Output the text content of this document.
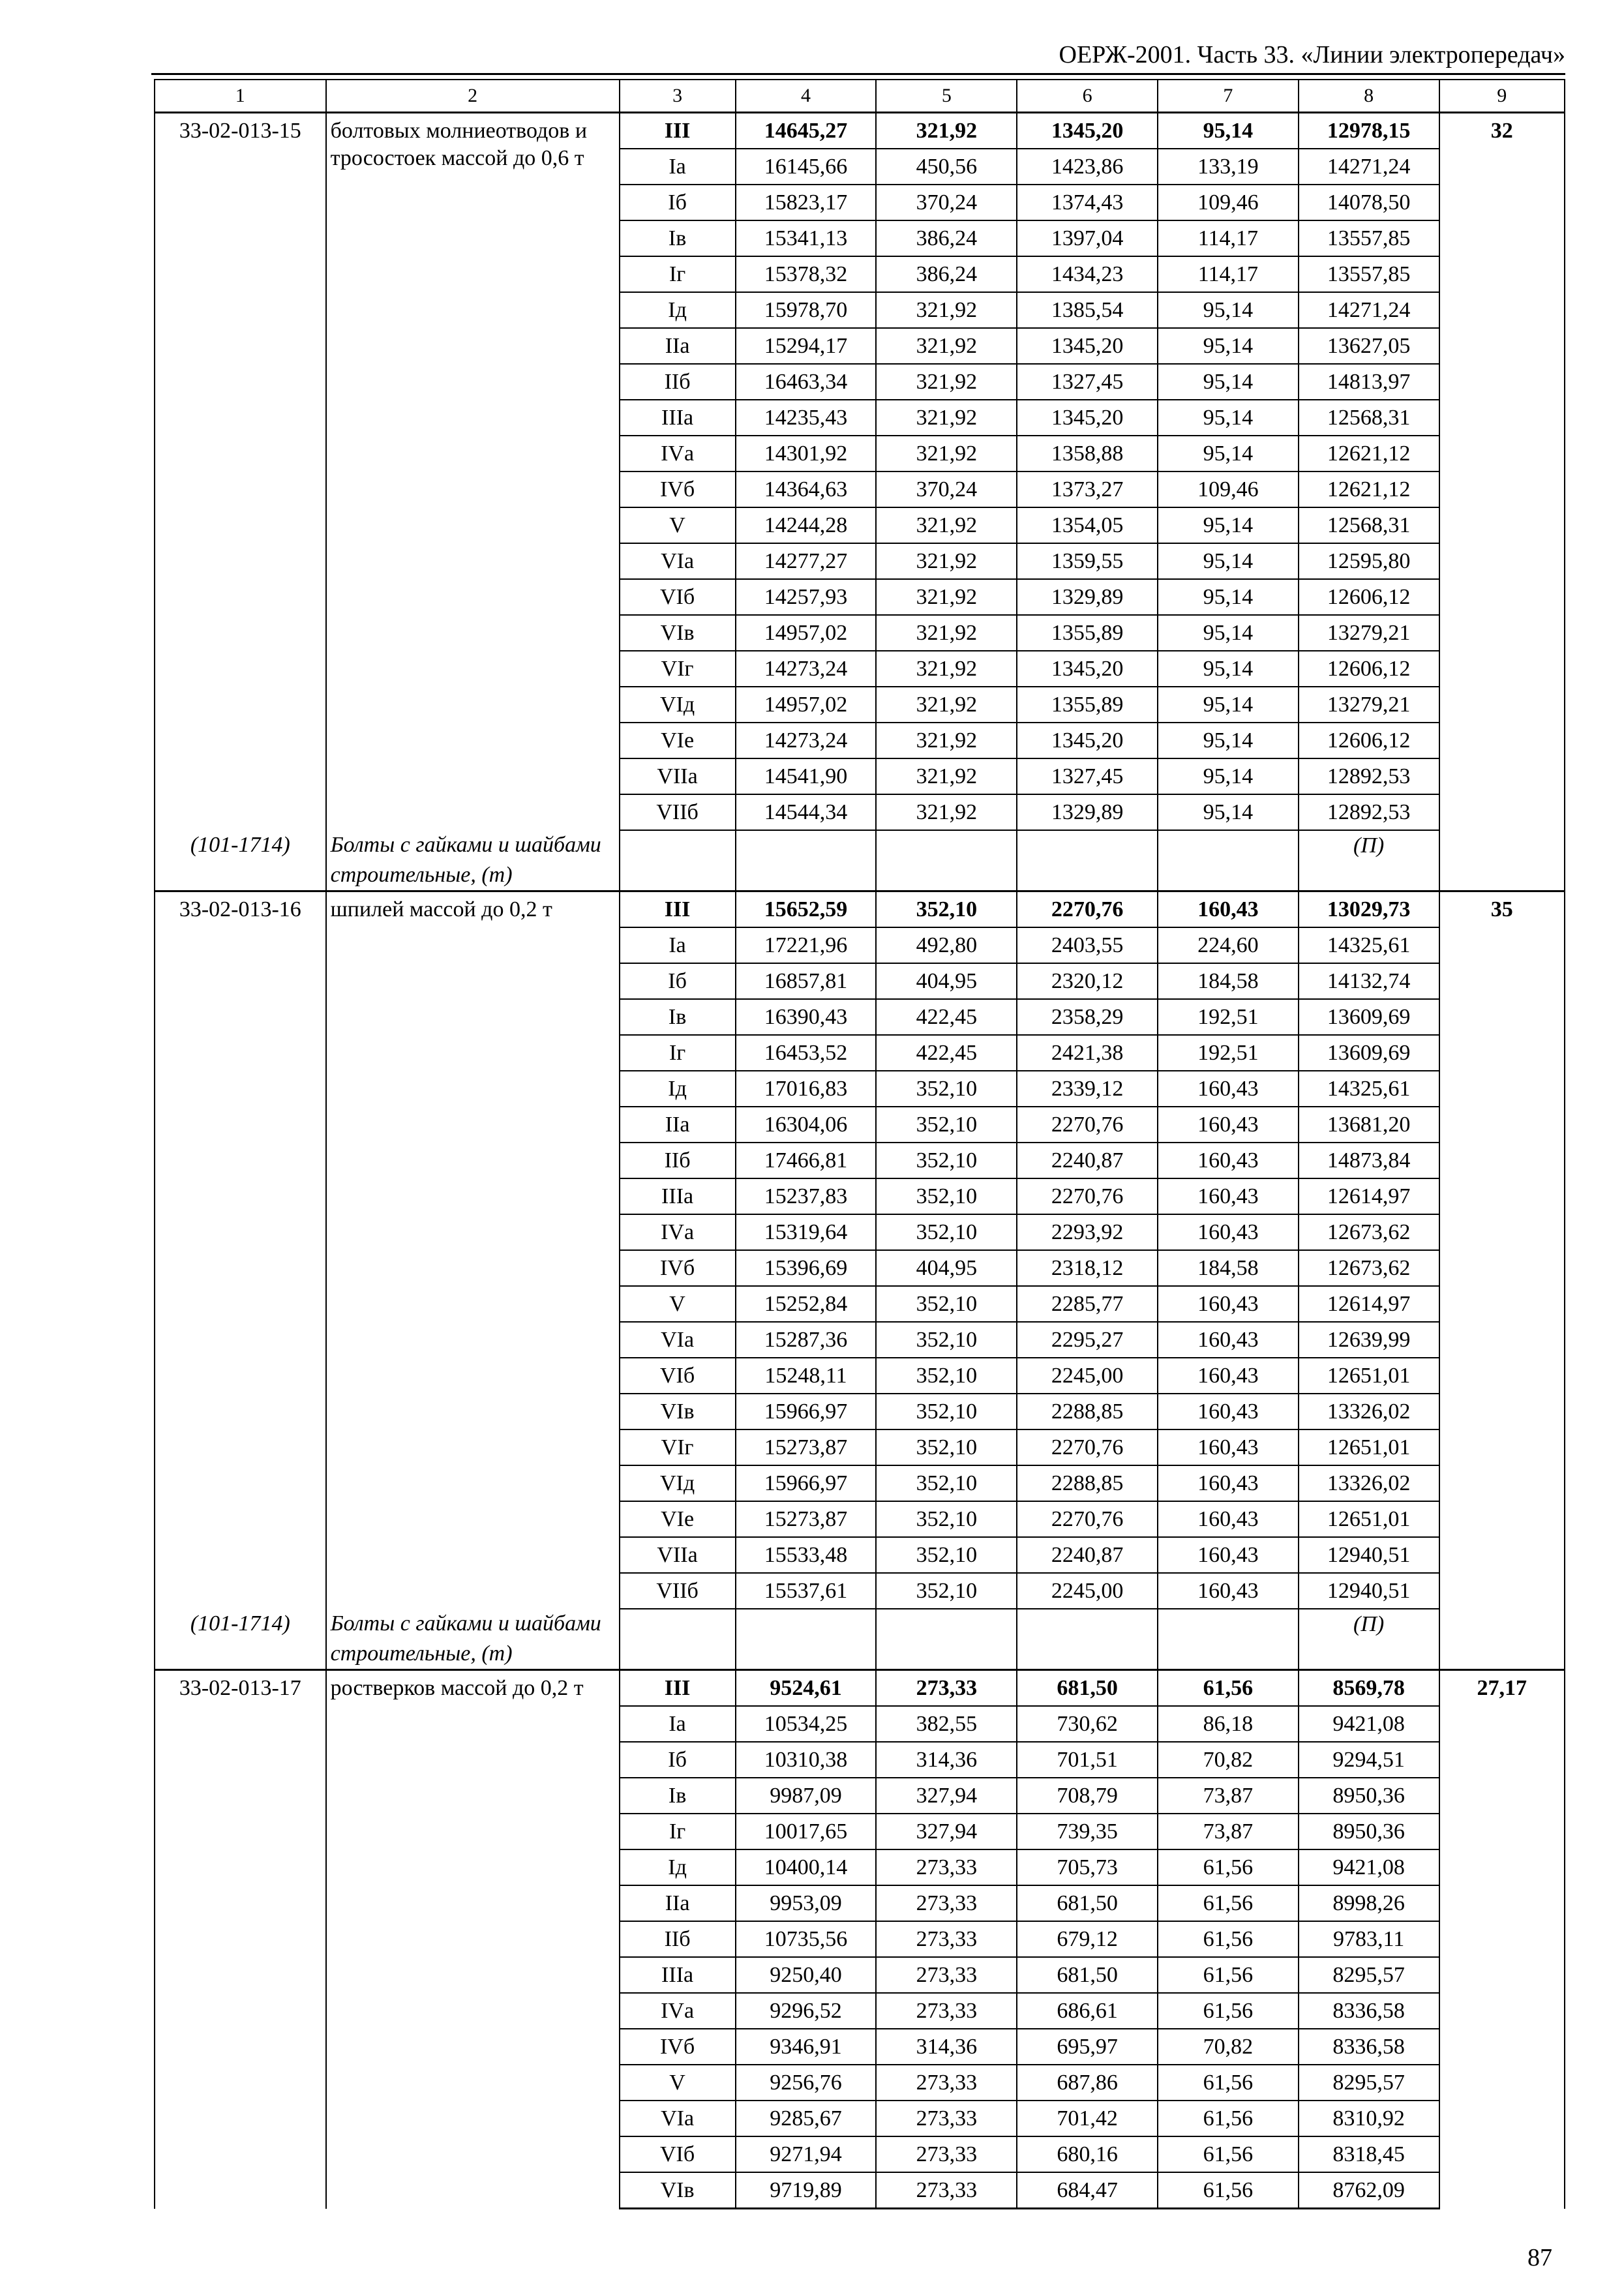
ОЕРЖ-2001. Часть 33. «Линии электропередач»
1	2	3	4	5	6	7	8	9
33-02-013-15	болтовых молниеотводов и тросостоек массой до 0,6 т	III	14645,27	321,92	1345,20	95,14	12978,15	32
		Iа	16145,66	450,56	1423,86	133,19	14271,24	
		Iб	15823,17	370,24	1374,43	109,46	14078,50	
		Iв	15341,13	386,24	1397,04	114,17	13557,85	
		Iг	15378,32	386,24	1434,23	114,17	13557,85	
		Iд	15978,70	321,92	1385,54	95,14	14271,24	
		IIа	15294,17	321,92	1345,20	95,14	13627,05	
		IIб	16463,34	321,92	1327,45	95,14	14813,97	
		IIIа	14235,43	321,92	1345,20	95,14	12568,31	
		IVа	14301,92	321,92	1358,88	95,14	12621,12	
		IVб	14364,63	370,24	1373,27	109,46	12621,12	
		V	14244,28	321,92	1354,05	95,14	12568,31	
		VIа	14277,27	321,92	1359,55	95,14	12595,80	
		VIб	14257,93	321,92	1329,89	95,14	12606,12	
		VIв	14957,02	321,92	1355,89	95,14	13279,21	
		VIг	14273,24	321,92	1345,20	95,14	12606,12	
		VIд	14957,02	321,92	1355,89	95,14	13279,21	
		VIе	14273,24	321,92	1345,20	95,14	12606,12	
		VIIа	14541,90	321,92	1327,45	95,14	12892,53	
		VIIб	14544,34	321,92	1329,89	95,14	12892,53	
(101-1714)	Болты с гайками и шайбами строительные, (т)						(П)	
33-02-013-16	шпилей массой до 0,2 т	III	15652,59	352,10	2270,76	160,43	13029,73	35
		Iа	17221,96	492,80	2403,55	224,60	14325,61	
		Iб	16857,81	404,95	2320,12	184,58	14132,74	
		Iв	16390,43	422,45	2358,29	192,51	13609,69	
		Iг	16453,52	422,45	2421,38	192,51	13609,69	
		Iд	17016,83	352,10	2339,12	160,43	14325,61	
		IIа	16304,06	352,10	2270,76	160,43	13681,20	
		IIб	17466,81	352,10	2240,87	160,43	14873,84	
		IIIа	15237,83	352,10	2270,76	160,43	12614,97	
		IVа	15319,64	352,10	2293,92	160,43	12673,62	
		IVб	15396,69	404,95	2318,12	184,58	12673,62	
		V	15252,84	352,10	2285,77	160,43	12614,97	
		VIа	15287,36	352,10	2295,27	160,43	12639,99	
		VIб	15248,11	352,10	2245,00	160,43	12651,01	
		VIв	15966,97	352,10	2288,85	160,43	13326,02	
		VIг	15273,87	352,10	2270,76	160,43	12651,01	
		VIд	15966,97	352,10	2288,85	160,43	13326,02	
		VIе	15273,87	352,10	2270,76	160,43	12651,01	
		VIIа	15533,48	352,10	2240,87	160,43	12940,51	
		VIIб	15537,61	352,10	2245,00	160,43	12940,51	
(101-1714)	Болты с гайками и шайбами строительные, (т)						(П)	
33-02-013-17	ростверков массой до 0,2 т	III	9524,61	273,33	681,50	61,56	8569,78	27,17
		Iа	10534,25	382,55	730,62	86,18	9421,08	
		Iб	10310,38	314,36	701,51	70,82	9294,51	
		Iв	9987,09	327,94	708,79	73,87	8950,36	
		Iг	10017,65	327,94	739,35	73,87	8950,36	
		Iд	10400,14	273,33	705,73	61,56	9421,08	
		IIа	9953,09	273,33	681,50	61,56	8998,26	
		IIб	10735,56	273,33	679,12	61,56	9783,11	
		IIIа	9250,40	273,33	681,50	61,56	8295,57	
		IVа	9296,52	273,33	686,61	61,56	8336,58	
		IVб	9346,91	314,36	695,97	70,82	8336,58	
		V	9256,76	273,33	687,86	61,56	8295,57	
		VIа	9285,67	273,33	701,42	61,56	8310,92	
		VIб	9271,94	273,33	680,16	61,56	8318,45	
		VIв	9719,89	273,33	684,47	61,56	8762,09	
87
